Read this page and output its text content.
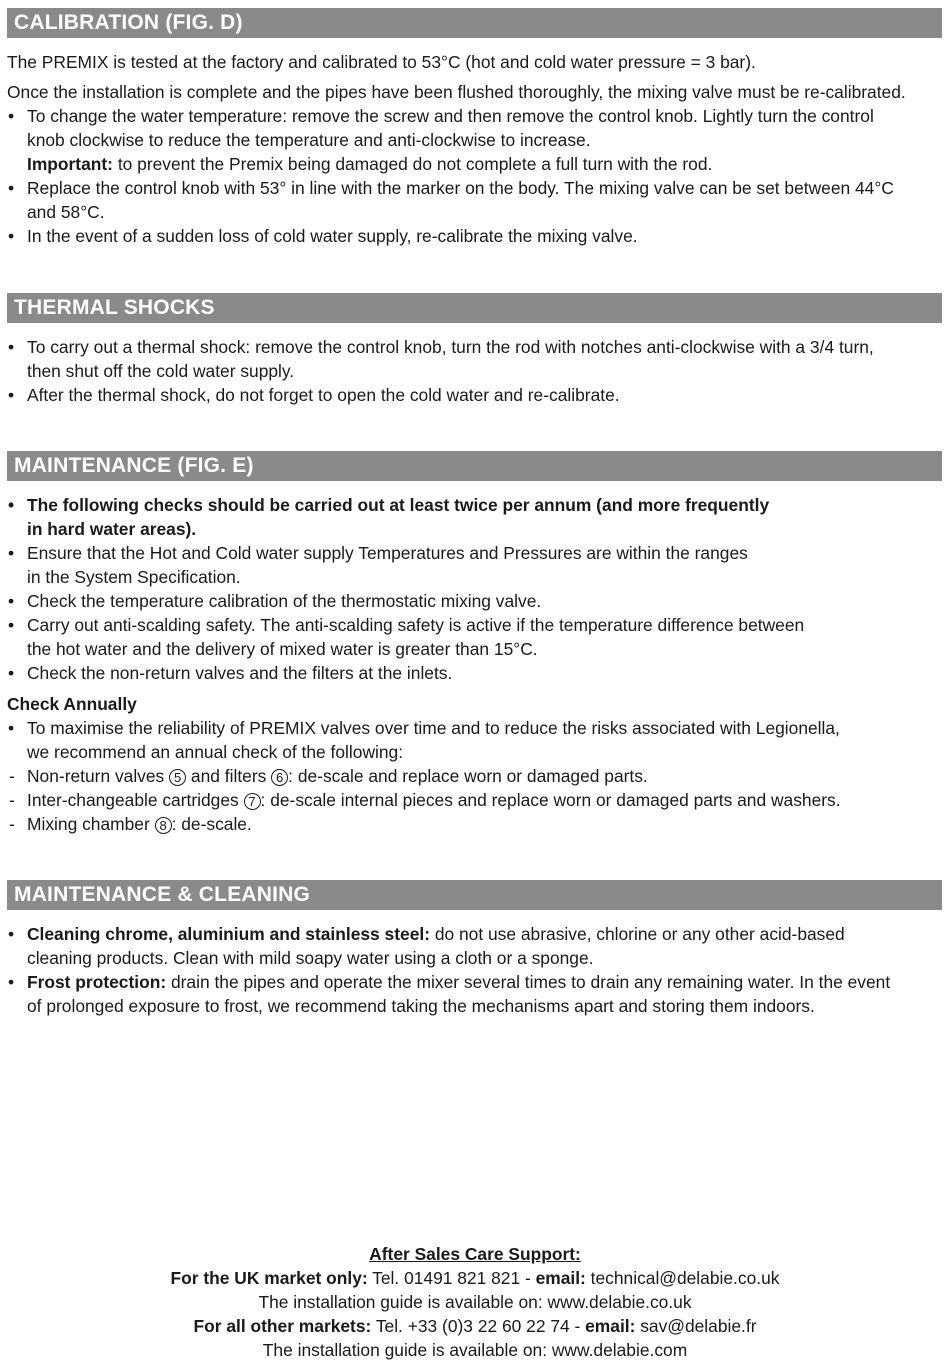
CALIBRATION (FIG. D)

The PREMIX is tested at the factory and calibrated to 53°C (hot and cold water pressure = 3 bar).

Once the installation is complete and the pipes have been flushed thoroughly, the mixing valve must be re-calibrated.

• To change the water temperature: remove the screw and then remove the control knob. Lightly turn the control
knob clockwise to reduce the temperature and anti-clockwise to increase.
Important: to prevent the Premix being damaged do not complete a full turn with the rod.
• Replace the control knob with 53° in line with the marker on the body. The mixing valve can be set between 44°C
and 58°C.
• In the event of a sudden loss of cold water supply, re-calibrate the mixing valve.
THERMAL SHOCKS
• To carry out a thermal shock: remove the control knob, turn the rod with notches anti-clockwise with a 3/4 turn,
then shut off the cold water supply.
• After the thermal shock, do not forget to open the cold water and re-calibrate.
MAINTENANCE (FIG. E)
• The following checks should be carried out at least twice per annum (and more frequently
in hard water areas).
• Ensure that the Hot and Cold water supply Temperatures and Pressures are within the ranges
in the System Specification.
• Check the temperature calibration of the thermostatic mixing valve.
• Carry out anti-scalding safety. The anti-scalding safety is active if the temperature difference between
the hot water and the delivery of mixed water is greater than 15°C.
• Check the non-return valves and the filters at the inlets.

Check Annually

• To maximise the reliability of PREMIX valves over time and to reduce the risks associated with Legionella,
we recommend an annual check of the following:
- Non-return valves 5 and filters 6 : de-scale and replace worn or damaged parts.
- Inter-changeable cartridges 7 : de-scale internal pieces and replace worn or damaged parts and washers.
- Mixing chamber 8 : de-scale.
MAINTENANCE & CLEANING
• Cleaning chrome, aluminium and stainless steel: do not use abrasive, chlorine or any other acid-based
cleaning products. Clean with mild soapy water using a cloth or a sponge.
• Frost protection: drain the pipes and operate the mixer several times to drain any remaining water. In the event
of prolonged exposure to frost, we recommend taking the mechanisms apart and storing them indoors.
After Sales Care Support:
For the UK market only: Tel. 01491 821 821 - email: technical@delabie.co.uk
The installation guide is available on: www.delabie.co.uk
For all other markets: Tel. +33 (0)3 22 60 22 74 - email: sav@delabie.fr
The installation guide is available on: www.delabie.com
